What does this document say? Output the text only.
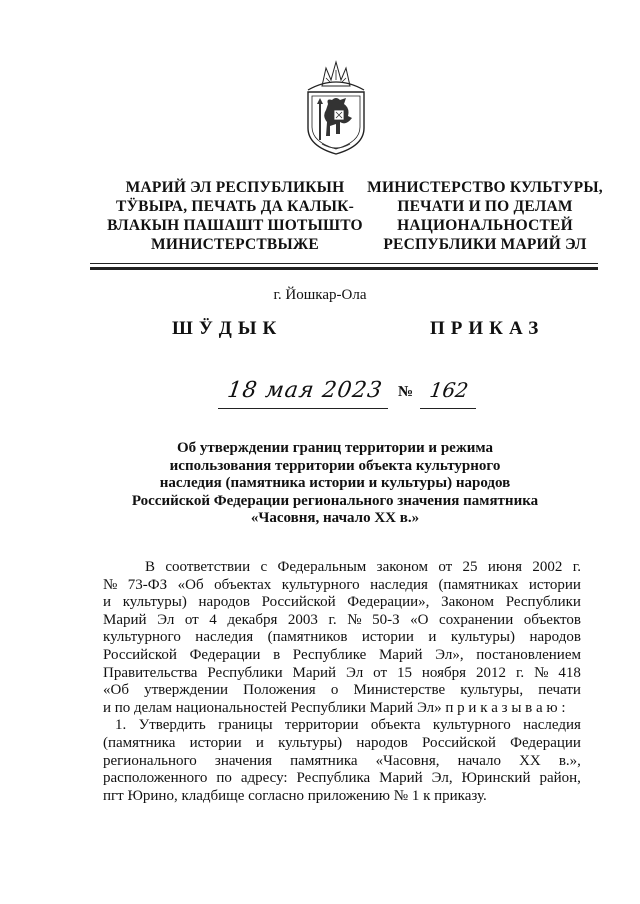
МАРИЙ ЭЛ РЕСПУБЛИКЫН
ТӰВЫРА, ПЕЧАТЬ ДА КАЛЫК-
ВЛАКЫН ПАШАШТ ШОТЫШТО
МИНИСТЕРСТВЫЖЕ
МИНИСТЕРСТВО КУЛЬТУРЫ,
ПЕЧАТИ И ПО ДЕЛАМ
НАЦИОНАЛЬНОСТЕЙ
РЕСПУБЛИКИ МАРИЙ ЭЛ
г. Йошкар-Ола
ШӰДЫК	ПРИКАЗ
18 мая 2023 № 162
Об утверждении границ территории и режима
использования территории объекта культурного
наследия (памятника истории и культуры) народов
Российской Федерации регионального значения памятника
«Часовня, начало XX в.»
В соответствии с Федеральным законом от 25 июня 2002 г.
№ 73-ФЗ «Об объектах культурного наследия (памятниках истории
и культуры) народов Российской Федерации», Законом Республики
Марий Эл от 4 декабря 2003 г. № 50-З «О сохранении объектов
культурного наследия (памятников истории и культуры) народов
Российской Федерации в Республике Марий Эл», постановлением
Правительства Республики Марий Эл от 15 ноября 2012 г. № 418
«Об утверждении Положения о Министерстве культуры, печати
и по делам национальностей Республики Марий Эл» п р и к а з ы в а ю :
1. Утвердить границы территории объекта культурного наследия
(памятника истории и культуры) народов Российской Федерации
регионального значения памятника «Часовня, начало XX в.»,
расположенного по адресу: Республика Марий Эл, Юринский район,
пгт Юрино, кладбище согласно приложению № 1 к приказу.
